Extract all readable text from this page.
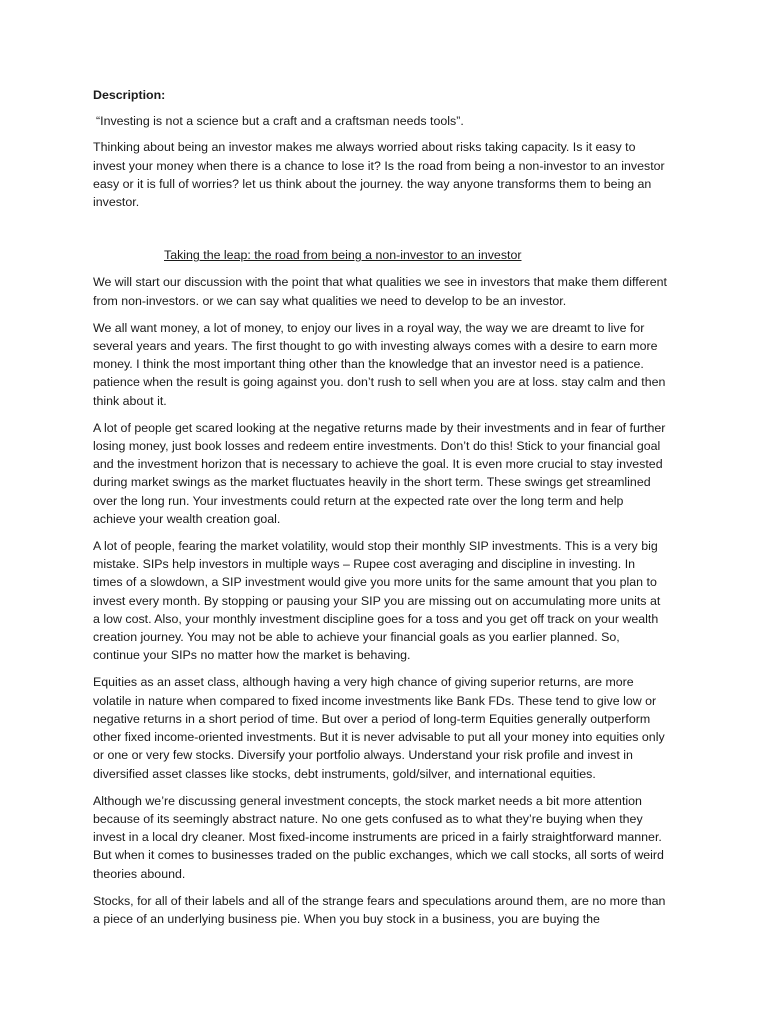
Description:

“Investing is not a science but a craft and a craftsman needs tools”.

Thinking about being an investor makes me always worried about risks taking capacity. Is it easy to invest your money when there is a chance to lose it? Is the road from being a non-investor to an investor easy or it is full of worries? let us think about the journey. the way anyone transforms them to being an investor.

Taking the leap: the road from being a non-investor to an investor

We will start our discussion with the point that what qualities we see in investors that make them different from non-investors. or we can say what qualities we need to develop to be an investor.

We all want money, a lot of money, to enjoy our lives in a royal way, the way we are dreamt to live for several years and years. The first thought to go with investing always comes with a desire to earn more money. I think the most important thing other than the knowledge that an investor need is a patience. patience when the result is going against you. don’t rush to sell when you are at loss. stay calm and then think about it.

A lot of people get scared looking at the negative returns made by their investments and in fear of further losing money, just book losses and redeem entire investments. Don’t do this! Stick to your financial goal and the investment horizon that is necessary to achieve the goal. It is even more crucial to stay invested during market swings as the market fluctuates heavily in the short term. These swings get streamlined over the long run. Your investments could return at the expected rate over the long term and help achieve your wealth creation goal.

A lot of people, fearing the market volatility, would stop their monthly SIP investments. This is a very big mistake. SIPs help investors in multiple ways – Rupee cost averaging and discipline in investing. In times of a slowdown, a SIP investment would give you more units for the same amount that you plan to invest every month. By stopping or pausing your SIP you are missing out on accumulating more units at a low cost. Also, your monthly investment discipline goes for a toss and you get off track on your wealth creation journey. You may not be able to achieve your financial goals as you earlier planned. So, continue your SIPs no matter how the market is behaving.

Equities as an asset class, although having a very high chance of giving superior returns, are more volatile in nature when compared to fixed income investments like Bank FDs. These tend to give low or negative returns in a short period of time. But over a period of long-term Equities generally outperform other fixed income-oriented investments. But it is never advisable to put all your money into equities only or one or very few stocks. Diversify your portfolio always. Understand your risk profile and invest in diversified asset classes like stocks, debt instruments, gold/silver, and international equities.

Although we’re discussing general investment concepts, the stock market needs a bit more attention because of its seemingly abstract nature. No one gets confused as to what they’re buying when they invest in a local dry cleaner. Most fixed-income instruments are priced in a fairly straightforward manner. But when it comes to businesses traded on the public exchanges, which we call stocks, all sorts of weird theories abound.

Stocks, for all of their labels and all of the strange fears and speculations around them, are no more than a piece of an underlying business pie. When you buy stock in a business, you are buying the
